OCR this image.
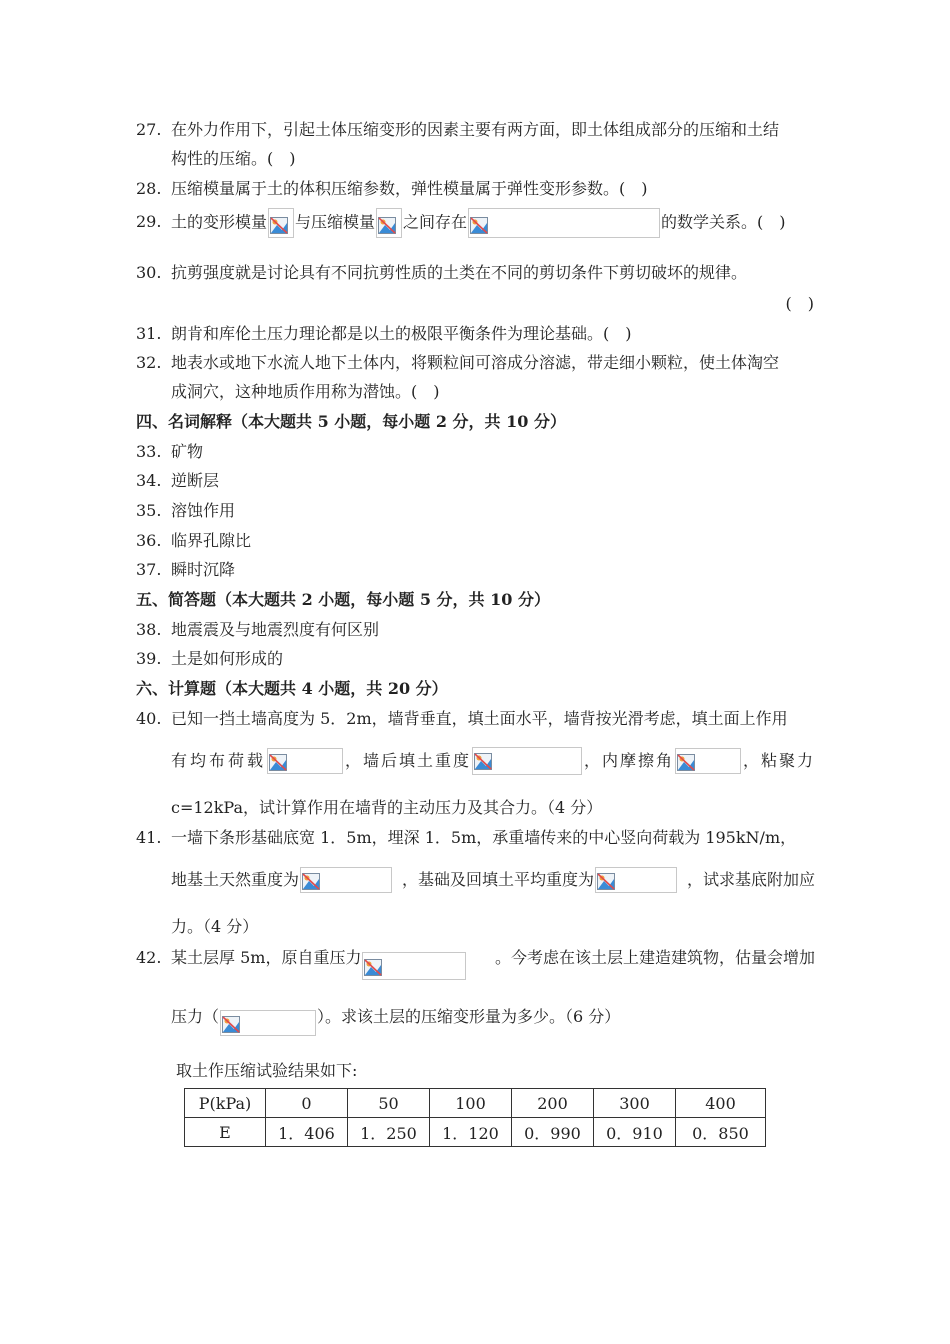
27. 在外力作用下，引起土体压缩变形的因素主要有两方面，即土体组成部分的压缩和土结
构性的压缩。(　)
28. 压缩模量属于土的体积压缩参数，弹性模量属于弹性变形参数。(　)
29. 土的变形模量 与压缩模量 之间存在	的数学关系。(　)
30. 抗剪强度就是讨论具有不同抗剪性质的土类在不同的剪切条件下剪切破坏的规律。
(　)
31. 朗肯和库伦土压力理论都是以土的极限平衡条件为理论基础。(　)
32. 地表水或地下水流人地下土体内，将颗粒间可溶成分溶滤，带走细小颗粒，使土体淘空
成洞穴，这种地质作用称为潜蚀。(　)
四、名词解释（本大题共 5 小题，每小题 2 分，共 10 分）
33. 矿物
34. 逆断层
35. 溶蚀作用
36. 临界孔隙比
37. 瞬时沉降
五、简答题（本大题共 2 小题，每小题 5 分，共 10 分）
38. 地震震及与地震烈度有何区别
39. 土是如何形成的
六、计算题（本大题共 4 小题，共 20 分）
40. 已知一挡土墙高度为 5．2m，墙背垂直，填土面水平，墙背按光滑考虑，填土面上作用
有均布荷载	，墙后填土重度	，内摩擦角	，粘聚力
c=12kPa，试计算作用在墙背的主动压力及其合力。（4 分）
41. 一墙下条形基础底宽 1．5m，埋深 1．5m，承重墙传来的中心竖向荷载为 195kN/m，
地基土天然重度为	，基础及回填土平均重度为	，试求基底附加应
力。（4 分）
42. 某土层厚 5m，原自重压力	。今考虑在该土层上建造建筑物，估量会增加
压力（	）。求该土层的压缩变形量为多少。（6 分）
取土作压缩试验结果如下:
P(kPa)	0	50	100	200	300	400
E	1．406	1．250	1．120	0．990	0．910	0．850
